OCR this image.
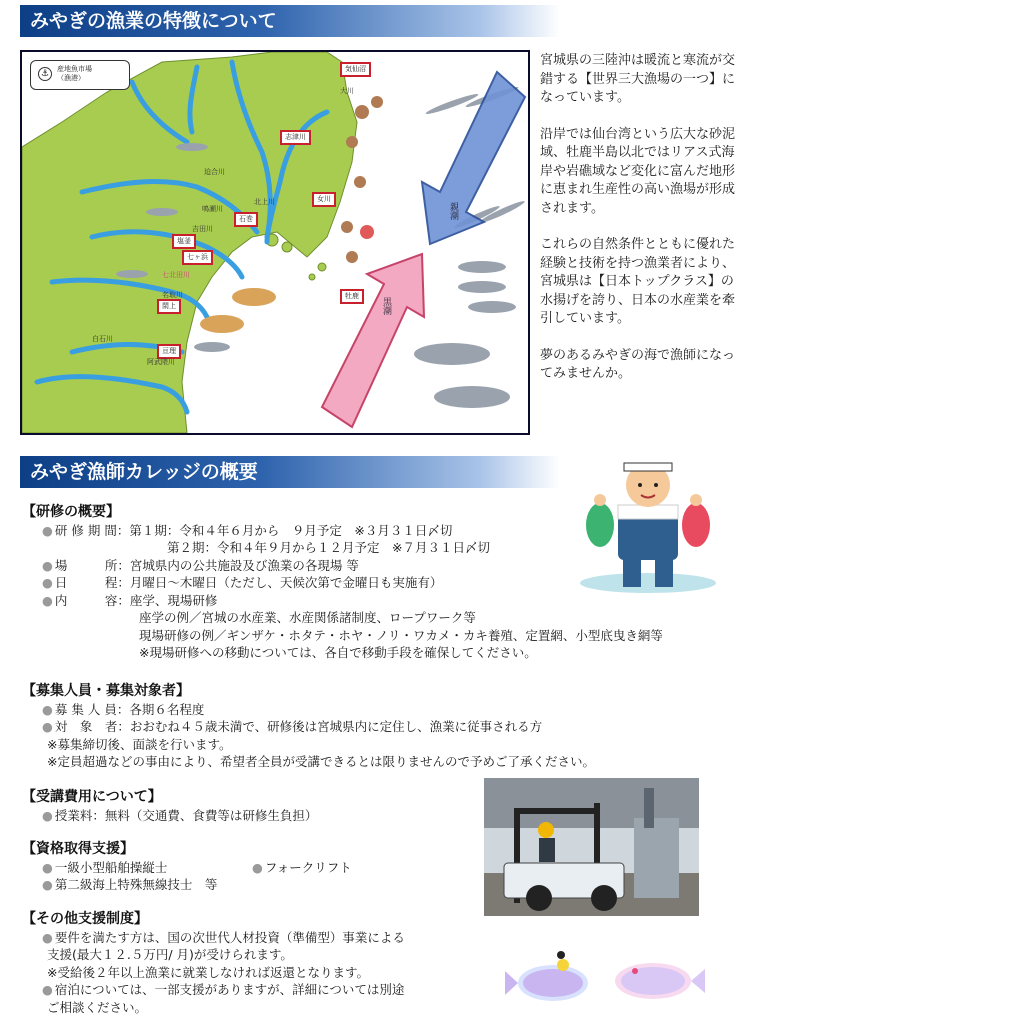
みやぎの漁業の特徴について
⚓	産地魚市場
（漁港）
気仙沼
志津川
女川
石巻
塩釜
七ヶ浜
閖上
亘理
牡鹿
大川
迫合川
鳴瀬川
吉田川
北上川
七北田川
名取川
阿武隈川
白石川
親潮
黒潮

宮城県の三陸沖は暖流と寒流が交錯する【世界三大漁場の一つ】になっています。

沿岸では仙台湾という広大な砂泥域、牡鹿半島以北ではリアス式海岸や岩礁域など変化に富んだ地形に恵まれ生産性の高い漁場が形成されます。

これらの自然条件とともに優れた経験と技術を持つ漁業者により、宮城県は【日本トップクラス】の水揚げを誇り、日本の水産業を牽引しています。

夢のあるみやぎの海で漁師になってみませんか。

みやぎ漁師カレッジの概要
【研修の概要】
● 研 修 期 間：第１期：令和４年６月から　９月予定　※３月３１日〆切
第２期：令和４年９月から１２月予定　※７月３１日〆切
● 場　　　所：宮城県内の公共施設及び漁業の各現場 等
● 日　　　程：月曜日～木曜日（ただし、天候次第で金曜日も実施有）
● 内　　　容：座学、現場研修
座学の例／宮城の水産業、水産関係諸制度、ロープワーク等
現場研修の例／ギンザケ・ホタテ・ホヤ・ノリ・ワカメ・カキ養殖、定置網、小型底曳き網等
※現場研修への移動については、各自で移動手段を確保してください。
【募集人員・募集対象者】
● 募 集 人 員：各期６名程度
● 対　象　者：おおむね４５歳未満で、研修後は宮城県内に定住し、漁業に従事される方
※募集締切後、面談を行います。
※定員超過などの事由により、希望者全員が受講できるとは限りませんので予めご了承ください。
【受講費用について】
● 授業料：無料（交通費、食費等は研修生負担）
【資格取得支援】
● 一級小型船舶操縦士
●	フォークリフト
● 第二級海上特殊無線技士　等
【その他支援制度】
● 要件を満たす方は、国の次世代人材投資（準備型）事業による
支援(最大１２.５万円/ 月)が受けられます。
※受給後２年以上漁業に就業しなければ返還となります。
● 宿泊については、一部支援がありますが、詳細については別途
ご相談ください。
